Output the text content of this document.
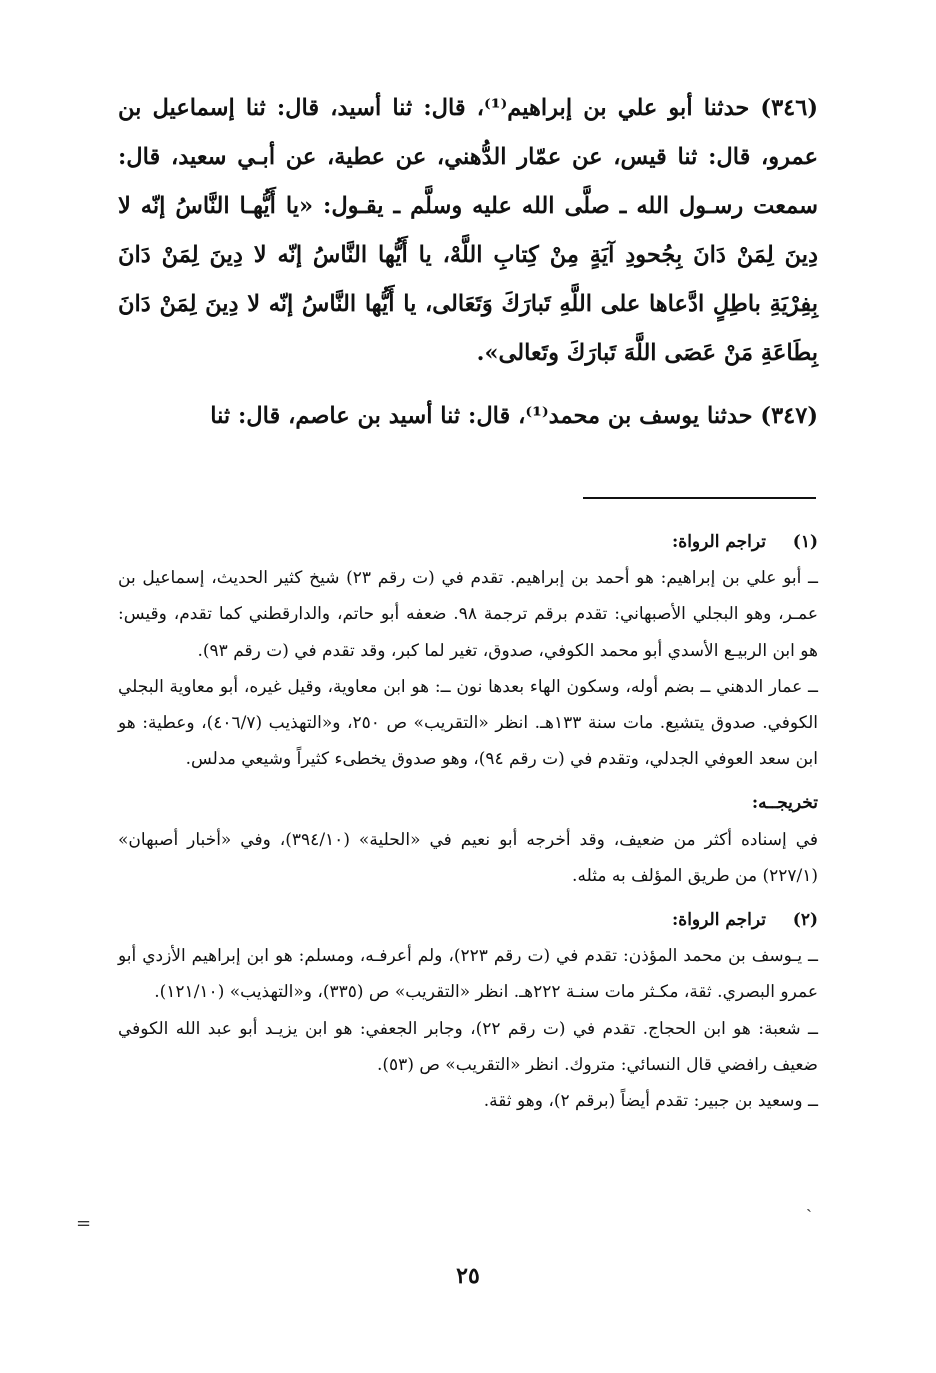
(٣٤٦) حدثنا أبو علي بن إبراهيم⁽¹⁾، قال: ثنا أسيد، قال: ثنا إسماعيل بن عمرو، قال: ثنا قيس، عن عمّار الدُّهني، عن عطية، عن أبـي سعيد، قال: سمعت رسـول الله ـ صلَّى الله عليه وسلَّم ـ يقـول: «يا أَيُّهـا النَّاسُ إنّه لا دِينَ لِمَنْ دَانَ بِجُحودِ آيَةٍ مِنْ كِتابِ اللَّهْ، يا أَيُّها النَّاسُ إنّه لا دِينَ لِمَنْ دَانَ بِفِرْيَةِ باطِلٍ ادَّعاها على اللَّهِ تَبارَكَ وَتَعَالى، يا أَيُّها النَّاسُ إنّه لا دِينَ لِمَنْ دَانَ بِطَاعَةِ مَنْ عَصَى اللَّهَ تَبارَكَ وتَعالى».

(٣٤٧) حدثنا يوسف بن محمد⁽¹⁾، قال: ثنا أسيد بن عاصم، قال: ثنا

(١)تراجم الرواة:

ــ أبو علي بن إبراهيم: هو أحمد بن إبراهيم. تقدم في (ت رقم ٢٣) شيخ كثير الحديث، إسماعيل بن عمـر، وهو البجلي الأصبهاني: تقدم برقم ترجمة ٩٨. ضعفه أبو حاتم، والدارقطني كما تقدم، وقيس: هو ابن الربيـع الأسدي أبو محمد الكوفي، صدوق، تغير لما كبر، وقد تقدم في (ت رقم ٩٣).

ــ عمار الدهني ــ بضم أوله، وسكون الهاء بعدها نون ــ: هو ابن معاوية، وقيل غيره، أبو معاوية البجلي الكوفي. صدوق يتشيع. مات سنة ١٣٣هـ. انظر «التقريب» ص ٢٥٠، و«التهذيب (٤٠٦/٧)، وعطية: هو ابن سعد العوفي الجدلي، وتقدم في (ت رقم ٩٤)، وهو صدوق يخطىء كثيراً وشيعي مدلس.

تخريجــه:

في إسناده أكثر من ضعيف، وقد أخرجه أبو نعيم في «الحلية» (٣٩٤/١٠)، وفي «أخبار أصبهان» (٢٢٧/١) من طريق المؤلف به مثله.

(٢)تراجم الرواة:

ــ يـوسف بن محمد المؤذن: تقدم في (ت رقم ٢٢٣)، ولم أعرفـه، ومسلم: هو ابن إبراهيم الأزدي أبو عمرو البصري. ثقة، مكـثر مات سنـة ٢٢٢هـ. انظر «التقريب» ص (٣٣٥)، و«التهذيب» (١٢١/١٠).

ــ شعبة: هو ابن الحجاج. تقدم في (ت رقم ٢٢)، وجابر الجعفي: هو ابن يزيـد أبو عبد الله الكوفي ضعيف رافضي قال النسائي: متروك. انظر «التقريب» ص (٥٣).

ــ وسعيد بن جبير: تقدم أيضاً (برقم ٢)، وهو ثقة.

ˎ
=
٢٥
